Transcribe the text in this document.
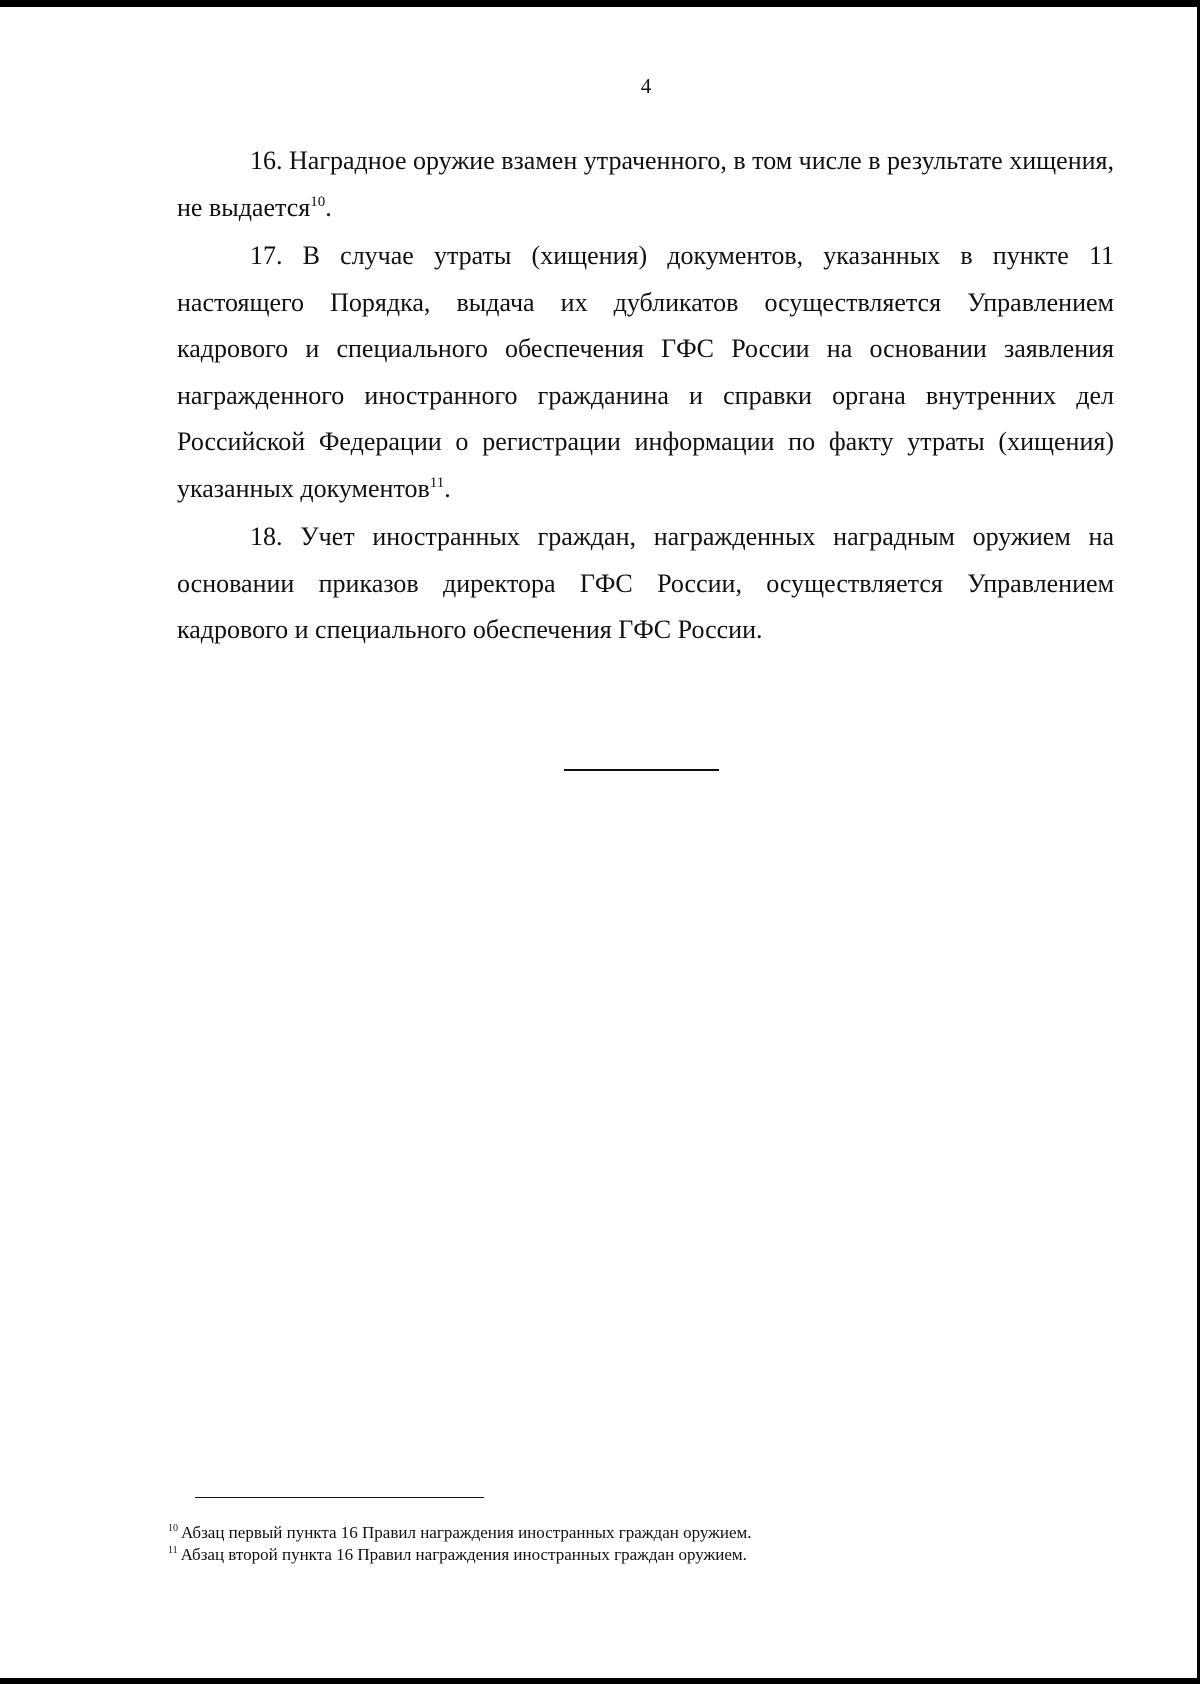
4

16. Наградное оружие взамен утраченного, в том числе в результате хищения, не выдается$^{10}$.

17. В случае утраты (хищения) документов, указанных в пункте 11 настоящего Порядка, выдача их дубликатов осуществляется Управлением кадрового и специального обеспечения ГФС России на основании заявления награжденного иностранного гражданина и справки органа внутренних дел Российской Федерации о регистрации информации по факту утраты (хищения) указанных документов$^{11}$.

18. Учет иностранных граждан, награжденных наградным оружием на основании приказов директора ГФС России, осуществляется Управлением кадрового и специального обеспечения ГФС России.

$^{10}$ Абзац первый пункта 16 Правил награждения иностранных граждан оружием.
$^{11}$ Абзац второй пункта 16 Правил награждения иностранных граждан оружием.
